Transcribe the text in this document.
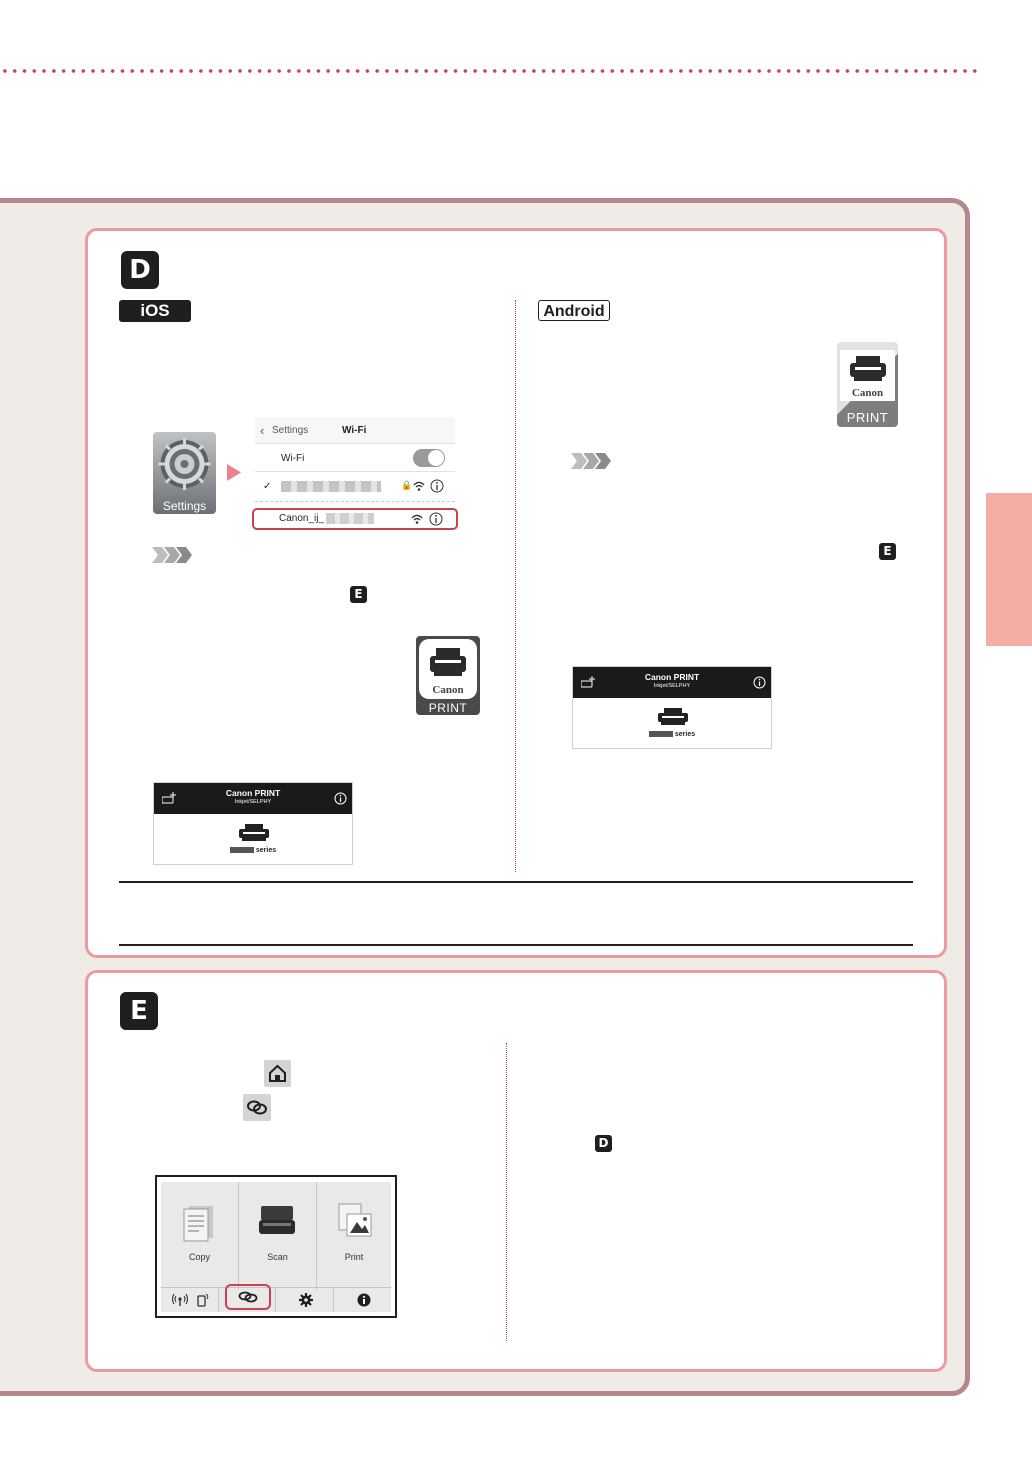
D
iOS	Android
Settings
‹ Settings	Wi-Fi
Wi-Fi
✓	🔒
Canon_ij_
E
Canon
PRINT
Canon PRINT
Inkjet/SELPHY
series
Canon
PRINT
E
Canon PRINT
Inkjet/SELPHY
series
E
D
Copy	Scan	Print
